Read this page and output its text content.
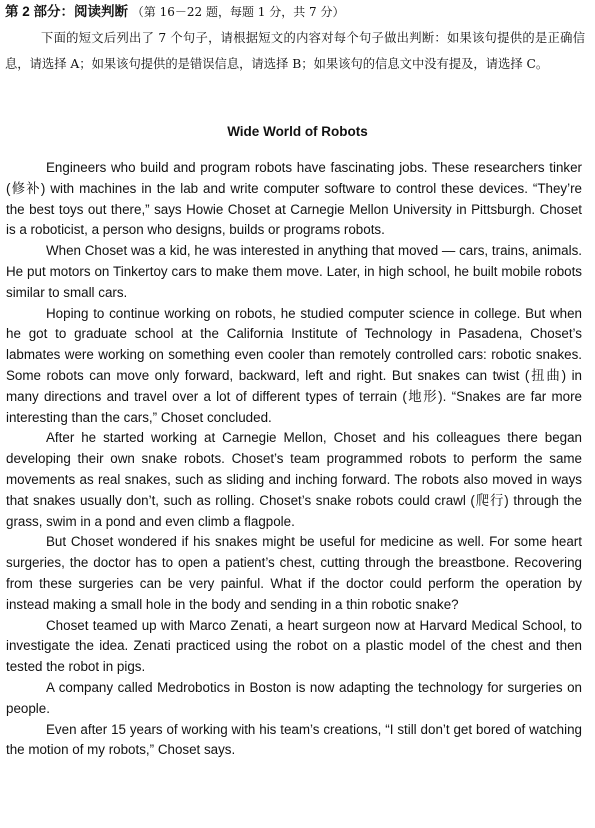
第 2 部分：阅读判断 （第 16－22 题，每题 1 分，共 7 分）
下面的短文后列出了 7 个句子，请根据短文的内容对每个句子做出判断：如果该句提供的是正确信息，请选择 A；如果该句提供的是错误信息，请选择 B；如果该句的信息文中没有提及，请选择 C。
Wide World of Robots

Engineers who build and program robots have fascinating jobs. These researchers tinker (修补) with machines in the lab and write computer software to control these devices. “They’re the best toys out there,” says Howie Choset at Carnegie Mellon University in Pittsburgh. Choset is a roboticist, a person who designs, builds or programs robots.

When Choset was a kid, he was interested in anything that moved — cars, trains, animals. He put motors on Tinkertoy cars to make them move. Later, in high school, he built mobile robots similar to small cars.

Hoping to continue working on robots, he studied computer science in college. But when he got to graduate school at the California Institute of Technology in Pasadena, Choset’s labmates were working on something even cooler than remotely controlled cars: robotic snakes. Some robots can move only forward, backward, left and right. But snakes can twist (扭曲) in many directions and travel over a lot of different types of terrain (地形). “Snakes are far more interesting than the cars,” Choset concluded.

After he started working at Carnegie Mellon, Choset and his colleagues there began developing their own snake robots. Choset’s team programmed robots to perform the same movements as real snakes, such as sliding and inching forward. The robots also moved in ways that snakes usually don’t, such as rolling. Choset’s snake robots could crawl (爬行) through the grass, swim in a pond and even climb a flagpole.

But Choset wondered if his snakes might be useful for medicine as well. For some heart surgeries, the doctor has to open a patient’s chest, cutting through the breastbone. Recovering from these surgeries can be very painful. What if the doctor could perform the operation by instead making a small hole in the body and sending in a thin robotic snake?

Choset teamed up with Marco Zenati, a heart surgeon now at Harvard Medical School, to investigate the idea. Zenati practiced using the robot on a plastic model of the chest and then tested the robot in pigs.

A company called Medrobotics in Boston is now adapting the technology for surgeries on people.

Even after 15 years of working with his team’s creations, “I still don’t get bored of watching the motion of my robots,” Choset says.
